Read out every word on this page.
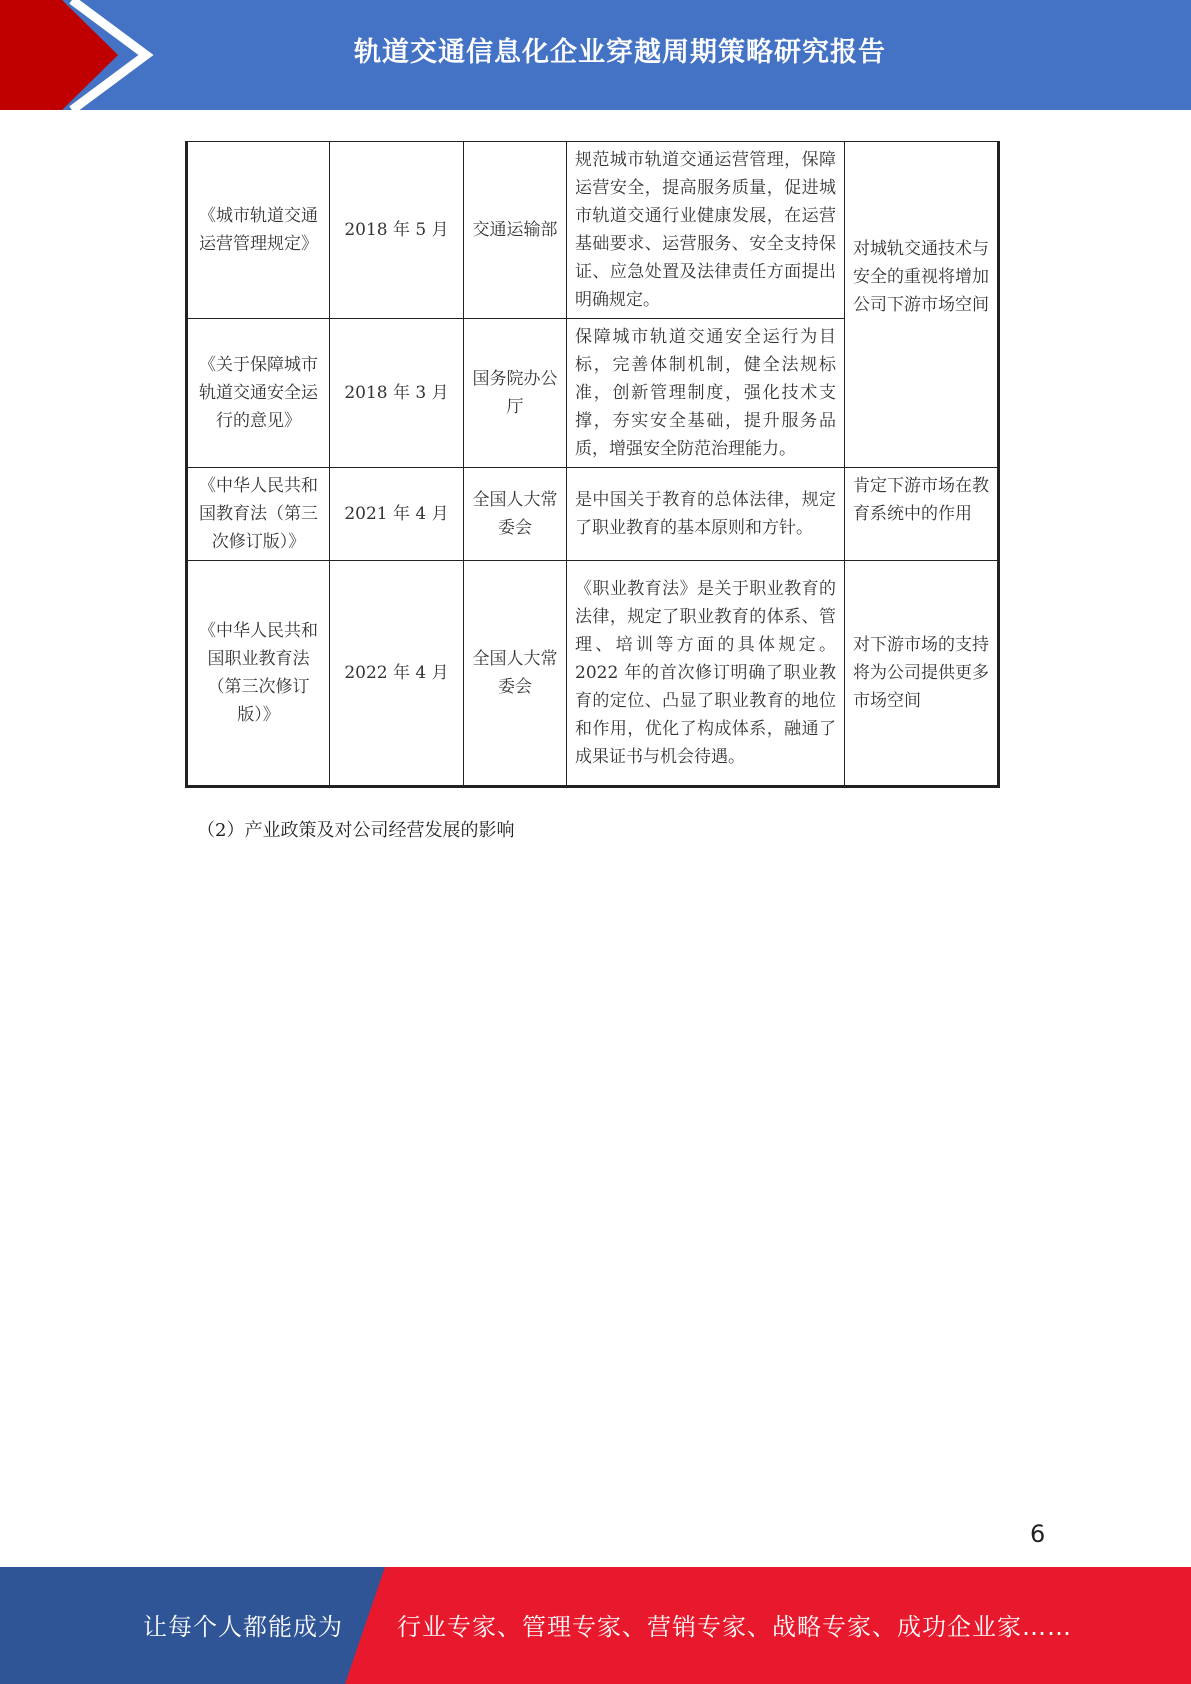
轨道交通信息化企业穿越周期策略研究报告
《城市轨道交通运营管理规定》	2018 年 5 月	交通运输部	规范城市轨道交通运营管理，保障运营安全，提高服务质量，促进城市轨道交通行业健康发展，在运营基础要求、运营服务、安全支持保证、应急处置及法律责任方面提出明确规定。	对城轨交通技术与安全的重视将增加公司下游市场空间
《关于保障城市轨道交通安全运行的意见》	2018 年 3 月	国务院办公厅	保障城市轨道交通安全运行为目标，完善体制机制，健全法规标准，创新管理制度，强化技术支撑，夯实安全基础，提升服务品质，增强安全防范治理能力。	
《中华人民共和国教育法（第三次修订版）》	2021 年 4 月	全国人大常委会	是中国关于教育的总体法律，规定了职业教育的基本原则和方针。	肯定下游市场在教育系统中的作用
《中华人民共和国职业教育法（第三次修订版）》	2022 年 4 月	全国人大常委会	《职业教育法》是关于职业教育的法律，规定了职业教育的体系、管理、培训等方面的具体规定。2022 年的首次修订明确了职业教育的定位、凸显了职业教育的地位和作用，优化了构成体系，融通了成果证书与机会待遇。	对下游市场的支持将为公司提供更多市场空间
（2）产业政策及对公司经营发展的影响
6
让每个人都能成为 行业专家、管理专家、营销专家、战略专家、成功企业家……
